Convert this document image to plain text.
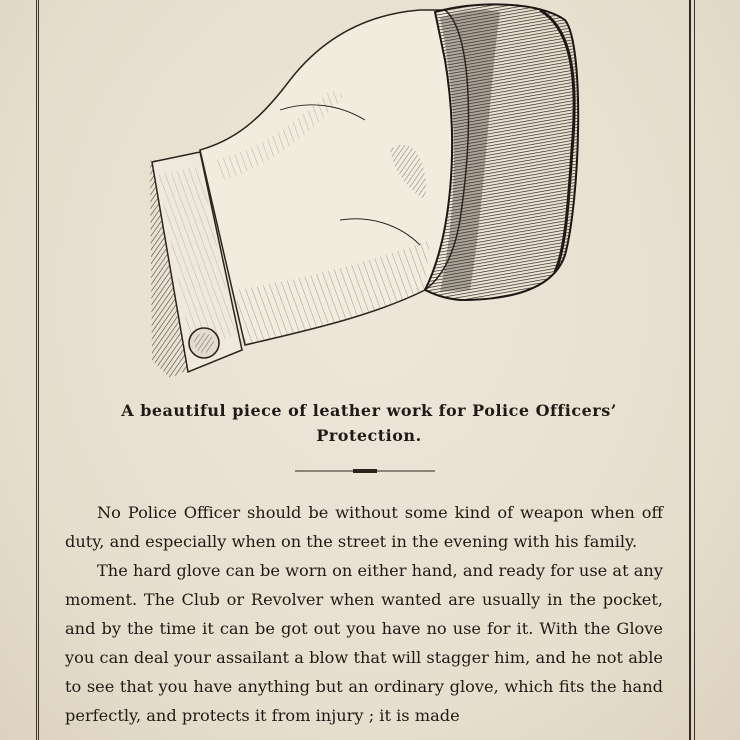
A beautiful piece of leather work for Police Officers’
Protection.

No Police Officer should be without some kind of weapon when off duty, and especially when on the street in the evening with his family.

The hard glove can be worn on either hand, and ready for use at any moment. The Club or Revolver when wanted are usually in the pocket, and by the time it can be got out you have no use for it. With the Glove you can deal your assailant a blow that will stagger him, and he not able to see that you have anything but an ordinary glove, which fits the hand perfectly, and protects it from injury ; it is made
